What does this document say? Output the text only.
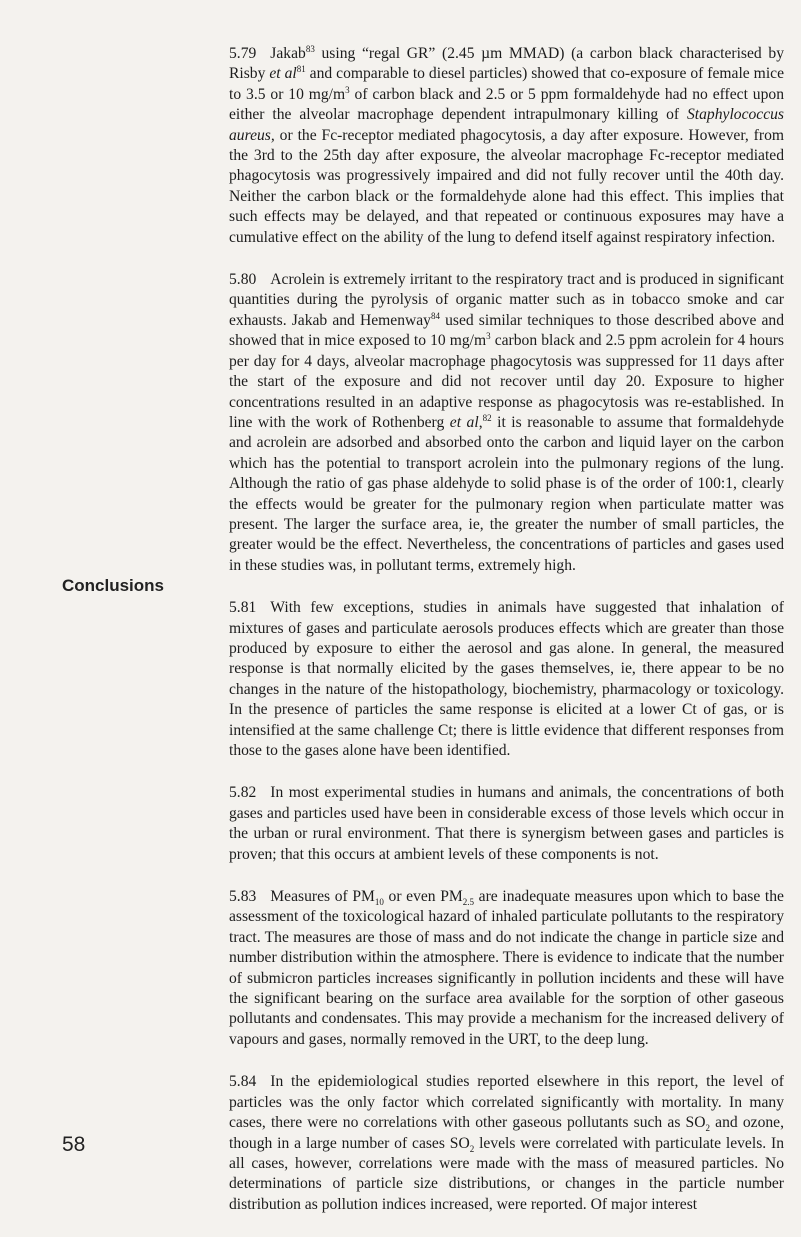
Conclusions
58

5.79 Jakab$^{83}$ using “regal GR” (2.45 µm MMAD) (a carbon black characterised by Risby et $al^{81}$ and comparable to diesel particles) showed that co-exposure of female mice to 3.5 or 10 $mg/m^3$ of carbon black and 2.5 or 5 ppm formaldehyde had no effect upon either the alveolar macrophage dependent intrapulmonary killing of Staphylococcus aureus, or the Fc-receptor mediated phagocytosis, a day after exposure. However, from the 3rd to the 25th day after exposure, the alveolar macrophage Fc-receptor mediated phagocytosis was progressively impaired and did not fully recover until the 40th day. Neither the carbon black or the formaldehyde alone had this effect. This implies that such effects may be delayed, and that repeated or continuous exposures may have a cumulative effect on the ability of the lung to defend itself against respiratory infection.

5.80 Acrolein is extremely irritant to the respiratory tract and is produced in significant quantities during the pyrolysis of organic matter such as in tobacco smoke and car exhausts. Jakab and Hemenway$^{84}$ used similar techniques to those described above and showed that in mice exposed to 10 $mg/m^3$ carbon black and 2.5 ppm acrolein for 4 hours per day for 4 days, alveolar macrophage phagocytosis was suppressed for 11 days after the start of the exposure and did not recover until day 20. Exposure to higher concentrations resulted in an adaptive response as phagocytosis was re-established. In line with the work of Rothenberg et al,$^{82}$ it is reasonable to assume that formaldehyde and acrolein are adsorbed and absorbed onto the carbon and liquid layer on the carbon which has the potential to transport acrolein into the pulmonary regions of the lung. Although the ratio of gas phase aldehyde to solid phase is of the order of 100:1, clearly the effects would be greater for the pulmonary region when particulate matter was present. The larger the surface area, ie, the greater the number of small particles, the greater would be the effect. Nevertheless, the concentrations of particles and gases used in these studies was, in pollutant terms, extremely high.

5.81 With few exceptions, studies in animals have suggested that inhalation of mixtures of gases and particulate aerosols produces effects which are greater than those produced by exposure to either the aerosol and gas alone. In general, the measured response is that normally elicited by the gases themselves, ie, there appear to be no changes in the nature of the histopathology, biochemistry, pharmacology or toxicology. In the presence of particles the same response is elicited at a lower Ct of gas, or is intensified at the same challenge Ct; there is little evidence that different responses from those to the gases alone have been identified.

5.82 In most experimental studies in humans and animals, the concentrations of both gases and particles used have been in considerable excess of those levels which occur in the urban or rural environment. That there is synergism between gases and particles is proven; that this occurs at ambient levels of these components is not.

5.83 Measures of $PM_{10}$ or even $PM_{2.5}$ are inadequate measures upon which to base the assessment of the toxicological hazard of inhaled particulate pollutants to the respiratory tract. The measures are those of mass and do not indicate the change in particle size and number distribution within the atmosphere. There is evidence to indicate that the number of submicron particles increases significantly in pollution incidents and these will have the significant bearing on the surface area available for the sorption of other gaseous pollutants and condensates. This may provide a mechanism for the increased delivery of vapours and gases, normally removed in the URT, to the deep lung.

5.84 In the epidemiological studies reported elsewhere in this report, the level of particles was the only factor which correlated significantly with mortality. In many cases, there were no correlations with other gaseous pollutants such as $SO_2$ and ozone, though in a large number of cases $SO_2$ levels were correlated with particulate levels. In all cases, however, correlations were made with the mass of measured particles. No determinations of particle size distributions, or changes in the particle number distribution as pollution indices increased, were reported. Of major interest
